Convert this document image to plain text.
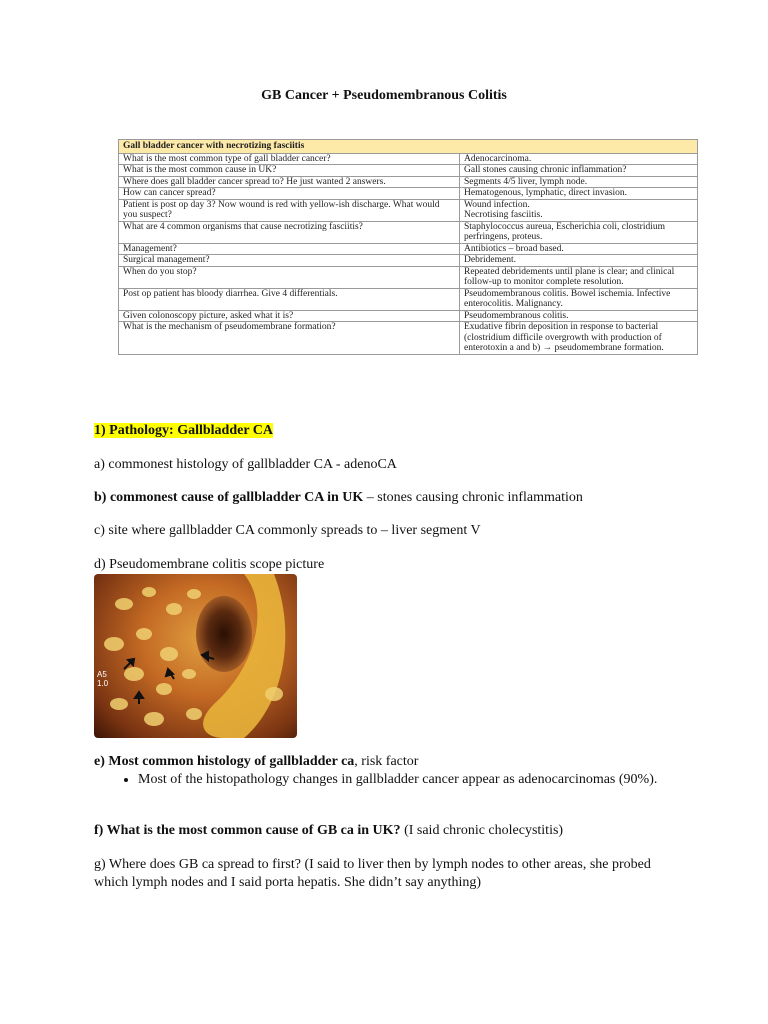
GB Cancer + Pseudomembranous Colitis
Gall bladder cancer with necrotizing fasciitis	
What is the most common type of gall bladder cancer?	Adenocarcinoma.
What is the most common cause in UK?	Gall stones causing chronic inflammation?
Where does gall bladder cancer spread to? He just wanted 2 answers.	Segments 4/5 liver, lymph node.
How can cancer spread?	Hematogenous, lymphatic, direct invasion.
Patient is post op day 3? Now wound is red with yellow-ish discharge. What would you suspect?	Wound infection.
Necrotising fasciitis.
What are 4 common organisms that cause necrotizing fasciitis?	Staphylococcus aureua, Escherichia coli, clostridium perfringens, proteus.
Management?	Antibiotics – broad based.
Surgical management?	Debridement.
When do you stop?	Repeated debridements until plane is clear; and clinical follow-up to monitor complete resolution.
Post op patient has bloody diarrhea. Give 4 differentials.	Pseudomembranous colitis. Bowel ischemia. Infective enterocolitis. Malignancy.
Given colonoscopy picture, asked what it is?	Pseudomembranous colitis.
What is the mechanism of pseudomembrane formation?	Exudative fibrin deposition in response to bacterial (clostridium difficile overgrowth with production of enterotoxin a and b) → pseudomembrane formation.
1) Pathology: Gallbladder CA
a) commonest histology of gallbladder CA - adenoCA
b) commonest cause of gallbladder CA in UK – stones causing chronic inflammation
c) site where gallbladder CA commonly spreads to – liver segment V
d) Pseudomembrane colitis scope picture
A5
1.0
e) Most common histology of gallbladder ca, risk factor
• Most of the histopathology changes in gallbladder cancer appear as adenocarcinomas (90%).
f) What is the most common cause of GB ca in UK? (I said chronic cholecystitis)
g) Where does GB ca spread to first? (I said to liver then by lymph nodes to other areas, she probed which lymph nodes and I said porta hepatis. She didn’t say anything)
